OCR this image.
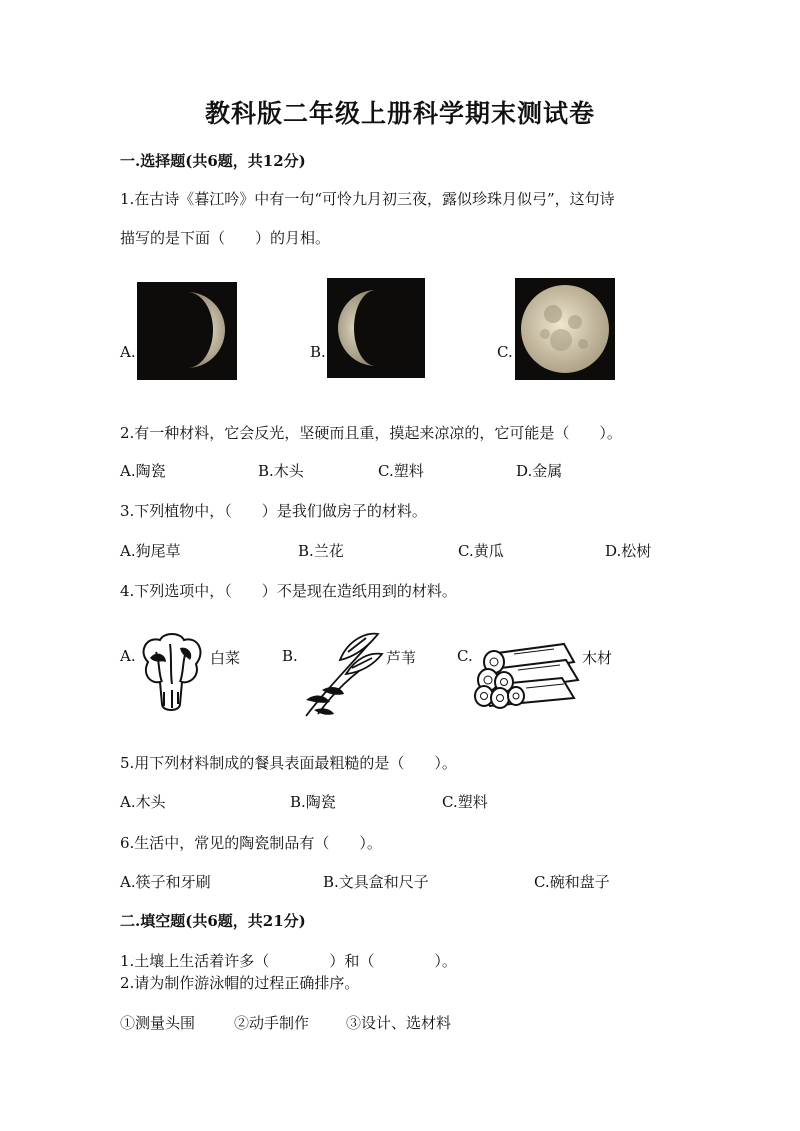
教科版二年级上册科学期末测试卷
一.选择题(共6题，共12分)
1.在古诗《暮江吟》中有一句“可怜九月初三夜，露似珍珠月似弓”，这句诗
描写的是下面（　　）的月相。
A.	B.	C.
2.有一种材料，它会反光，坚硬而且重，摸起来凉凉的，它可能是（　　）。
A.陶瓷	B.木头	C.塑料	D.金属
3.下列植物中，（　　）是我们做房子的材料。
A.狗尾草	B.兰花	C.黄瓜	D.松树
4.下列选项中，（　　）不是现在造纸用到的材料。
A.	白菜	B.	芦苇	C.	木材
5.用下列材料制成的餐具表面最粗糙的是（　　）。
A.木头	B.陶瓷	C.塑料
6.生活中，常见的陶瓷制品有（　　）。
A.筷子和牙刷	B.文具盒和尺子	C.碗和盘子
二.填空题(共6题，共21分)
1.土壤上生活着许多（　　　　）和（　　　　）。
2.请为制作游泳帽的过程正确排序。
①测量头围	②动手制作 ③设计、选材料
